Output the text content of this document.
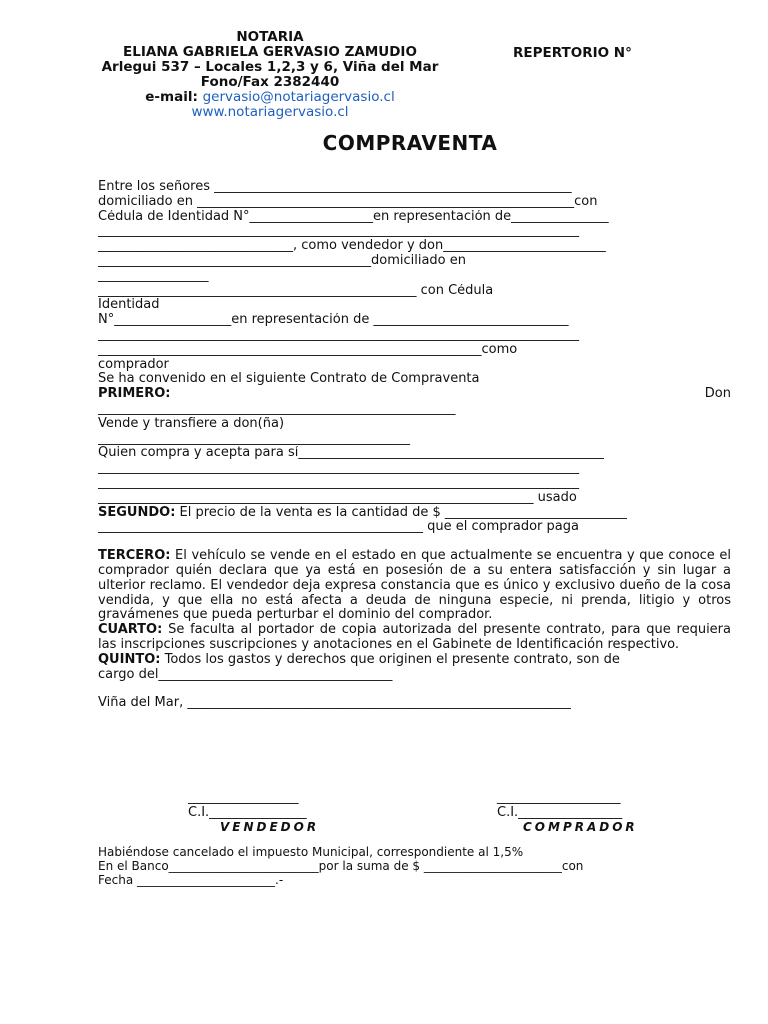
NOTARIA
ELIANA GABRIELA GERVASIO ZAMUDIO
Arlegui 537 – Locales 1,2,3 y 6, Viña del Mar
Fono/Fax 2382440
e-mail: gervasio@notariagervasio.cl
www.notariagervasio.cl
REPERTORIO N°
COMPRAVENTA
Entre los señores _______________________________________________________
domiciliado en __________________________________________________________con
Cédula de Identidad N°___________________en representación de_______________
__________________________________________________________________________
______________________________, como vendedor y don_________________________
__________________________________________domiciliado en
_________________
_________________________________________________ con Cédula
Identidad
N°__________________en representación de ______________________________
__________________________________________________________________________
___________________________________________________________como
comprador
Se ha convenido en el siguiente Contrato de Compraventa
PRIMERO:	Don
_______________________________________________________
Vende y transfiere a don(ña)
________________________________________________
Quien compra y acepta para sí_______________________________________________
__________________________________________________________________________
__________________________________________________________________________
___________________________________________________________________ usado
SEGUNDO: El precio de la venta es la cantidad de $ ____________________________
__________________________________________________ que el comprador paga
TERCERO: El vehículo se vende en el estado en que actualmente se encuentra y que conoce el comprador quién declara que ya está en posesión de a su entera satisfacción y sin lugar a ulterior reclamo. El vendedor deja expresa constancia que es único y exclusivo dueño de la cosa vendida, y que ella no está afecta a deuda de ninguna especie, ni prenda, litigio y otros gravámenes que pueda perturbar el dominio del comprador.
CUARTO: Se faculta al portador de copia autorizada del presente contrato, para que requiera las inscripciones suscripciones y anotaciones en el Gabinete de Identificación respectivo.
QUINTO: Todos los gastos y derechos que originen el presente contrato, son de
cargo del____________________________________
Viña del Mar, ___________________________________________________________
_________________
C.I._______________
VENDEDOR
___________________
C.I.________________
COMPRADOR
Habiéndose cancelado el impuesto Municipal, correspondiente al 1,5%
En el Banco_________________________por la suma de $ _______________________con
Fecha _______________________.-
